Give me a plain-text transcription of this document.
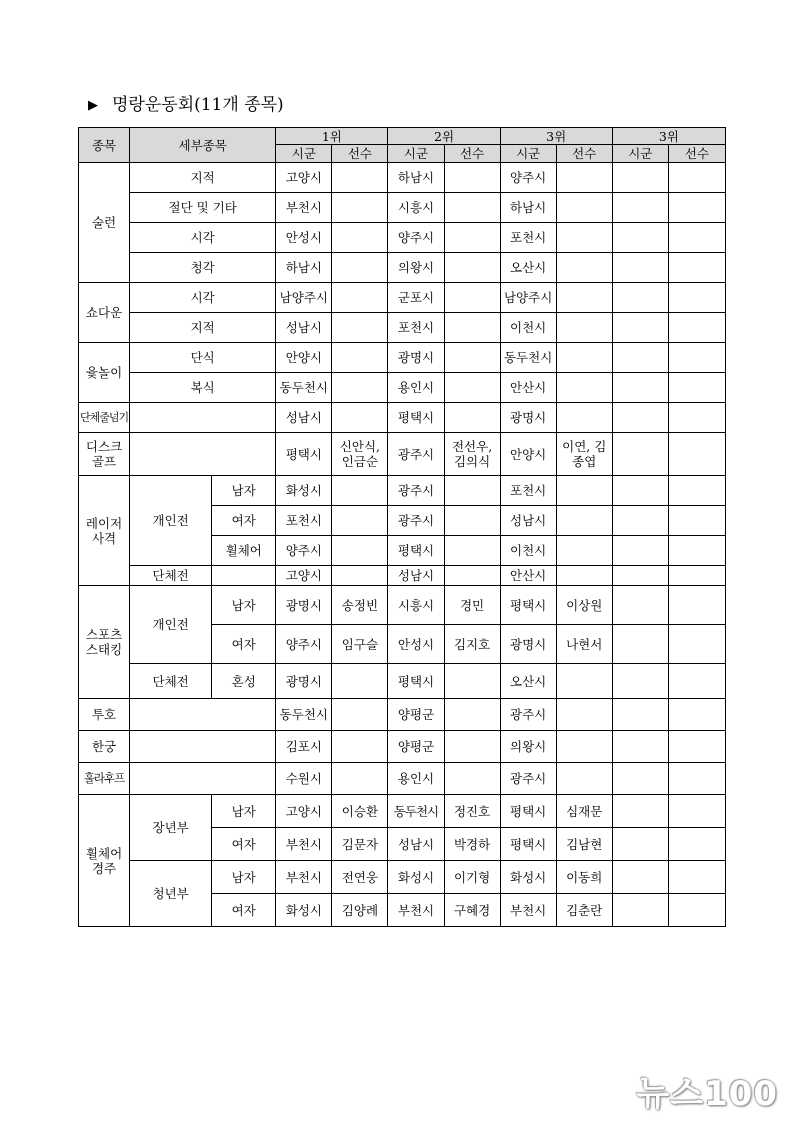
▶ 명랑운동회(11개 종목)
종목	세부종목		1위		2위		3위		3위	
			시군	선수	시군	선수	시군	선수	시군	선수
술런	지적		고양시		하남시		양주시			
	절단 및 기타		부천시		시흥시		하남시			
	시각		안성시		양주시		포천시			
	청각		하남시		의왕시		오산시			
쇼다운	시각		남양주시		군포시		남양주시			
	지적		성남시		포천시		이천시			
윷놀이	단식		안양시		광명시		동두천시			
	복식		동두천시		용인시		안산시			
단체줄넘기			성남시		평택시		광명시			
디스크 골프			평택시	신안식, 인금순	광주시	전선우, 김의식	안양시	이연, 김종엽		
레이저 사격	개인전	남자	화성시		광주시		포천시			
		여자	포천시		광주시		성남시			
		휠체어	양주시		평택시		이천시			
	단체전		고양시		성남시		안산시			
스포츠 스태킹	개인전	남자	광명시	송정빈	시흥시	경민	평택시	이상원		
		여자	양주시	임구슬	안성시	김지호	광명시	나현서		
	단체전	혼성	광명시		평택시		오산시			
투호			동두천시		양평군		광주시			
한궁			김포시		양평군		의왕시			
훌라후프			수원시		용인시		광주시			
휠체어 경주	장년부	남자	고양시	이승환	동두천시	정진호	평택시	심재문		
		여자	부천시	김문자	성남시	박경하	평택시	김남현		
	청년부	남자	부천시	전연웅	화성시	이기형	화성시	이동희		
		여자	화성시	김양례	부천시	구혜경	부천시	김춘란		
뉴스100
